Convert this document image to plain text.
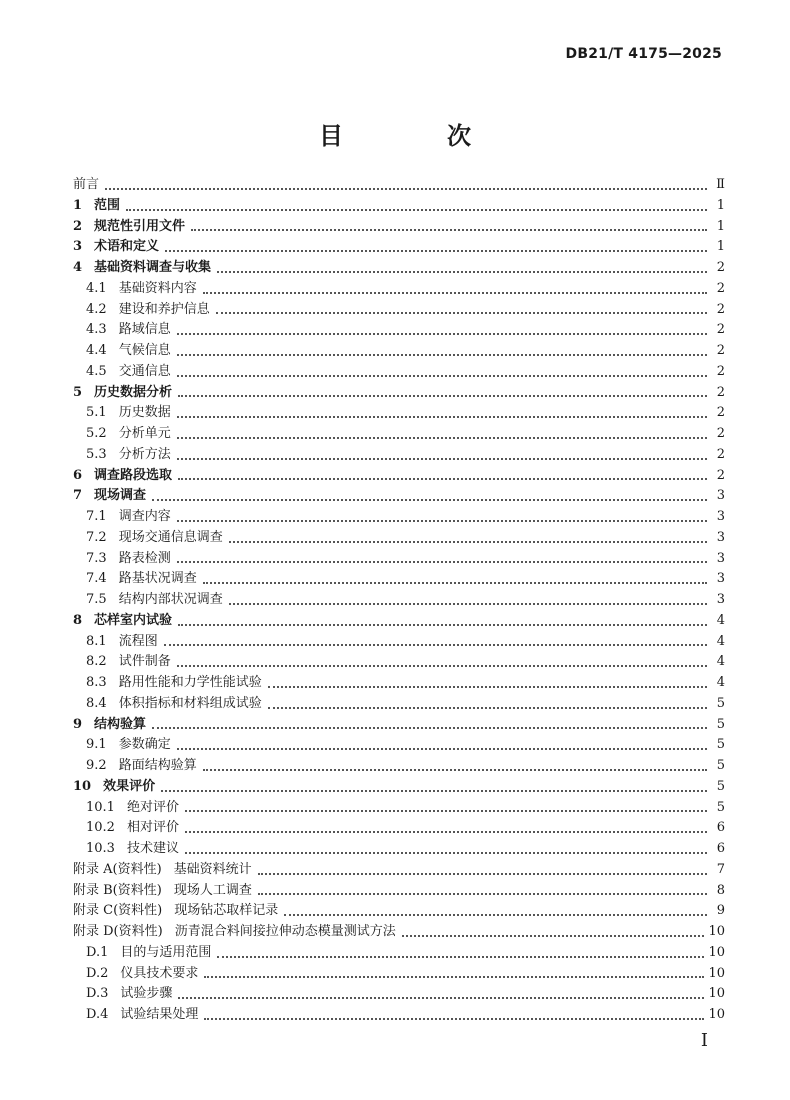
DB21/T 4175—2025
目　次
前言	Ⅱ
1 范围	1
2 规范性引用文件	1
3 术语和定义	1
4 基础资料调查与收集	2
4.1 基础资料内容	2
4.2 建设和养护信息	2
4.3 路域信息	2
4.4 气候信息	2
4.5 交通信息	2
5 历史数据分析	2
5.1 历史数据	2
5.2 分析单元	2
5.3 分析方法	2
6 调查路段选取	2
7 现场调查	3
7.1 调查内容	3
7.2 现场交通信息调查	3
7.3 路表检测	3
7.4 路基状况调查	3
7.5 结构内部状况调查	3
8 芯样室内试验	4
8.1 流程图	4
8.2 试件制备	4
8.3 路用性能和力学性能试验	4
8.4 体积指标和材料组成试验	5
9 结构验算	5
9.1 参数确定	5
9.2 路面结构验算	5
10 效果评价	5
10.1 绝对评价	5
10.2 相对评价	6
10.3 技术建议	6
附录 A(资料性) 基础资料统计	7
附录 B(资料性) 现场人工调查	8
附录 C(资料性) 现场钻芯取样记录	9
附录 D(资料性) 沥青混合料间接拉伸动态模量测试方法	10
D.1 目的与适用范围	10
D.2 仪具技术要求	10
D.3 试验步骤	10
D.4 试验结果处理	10
I
